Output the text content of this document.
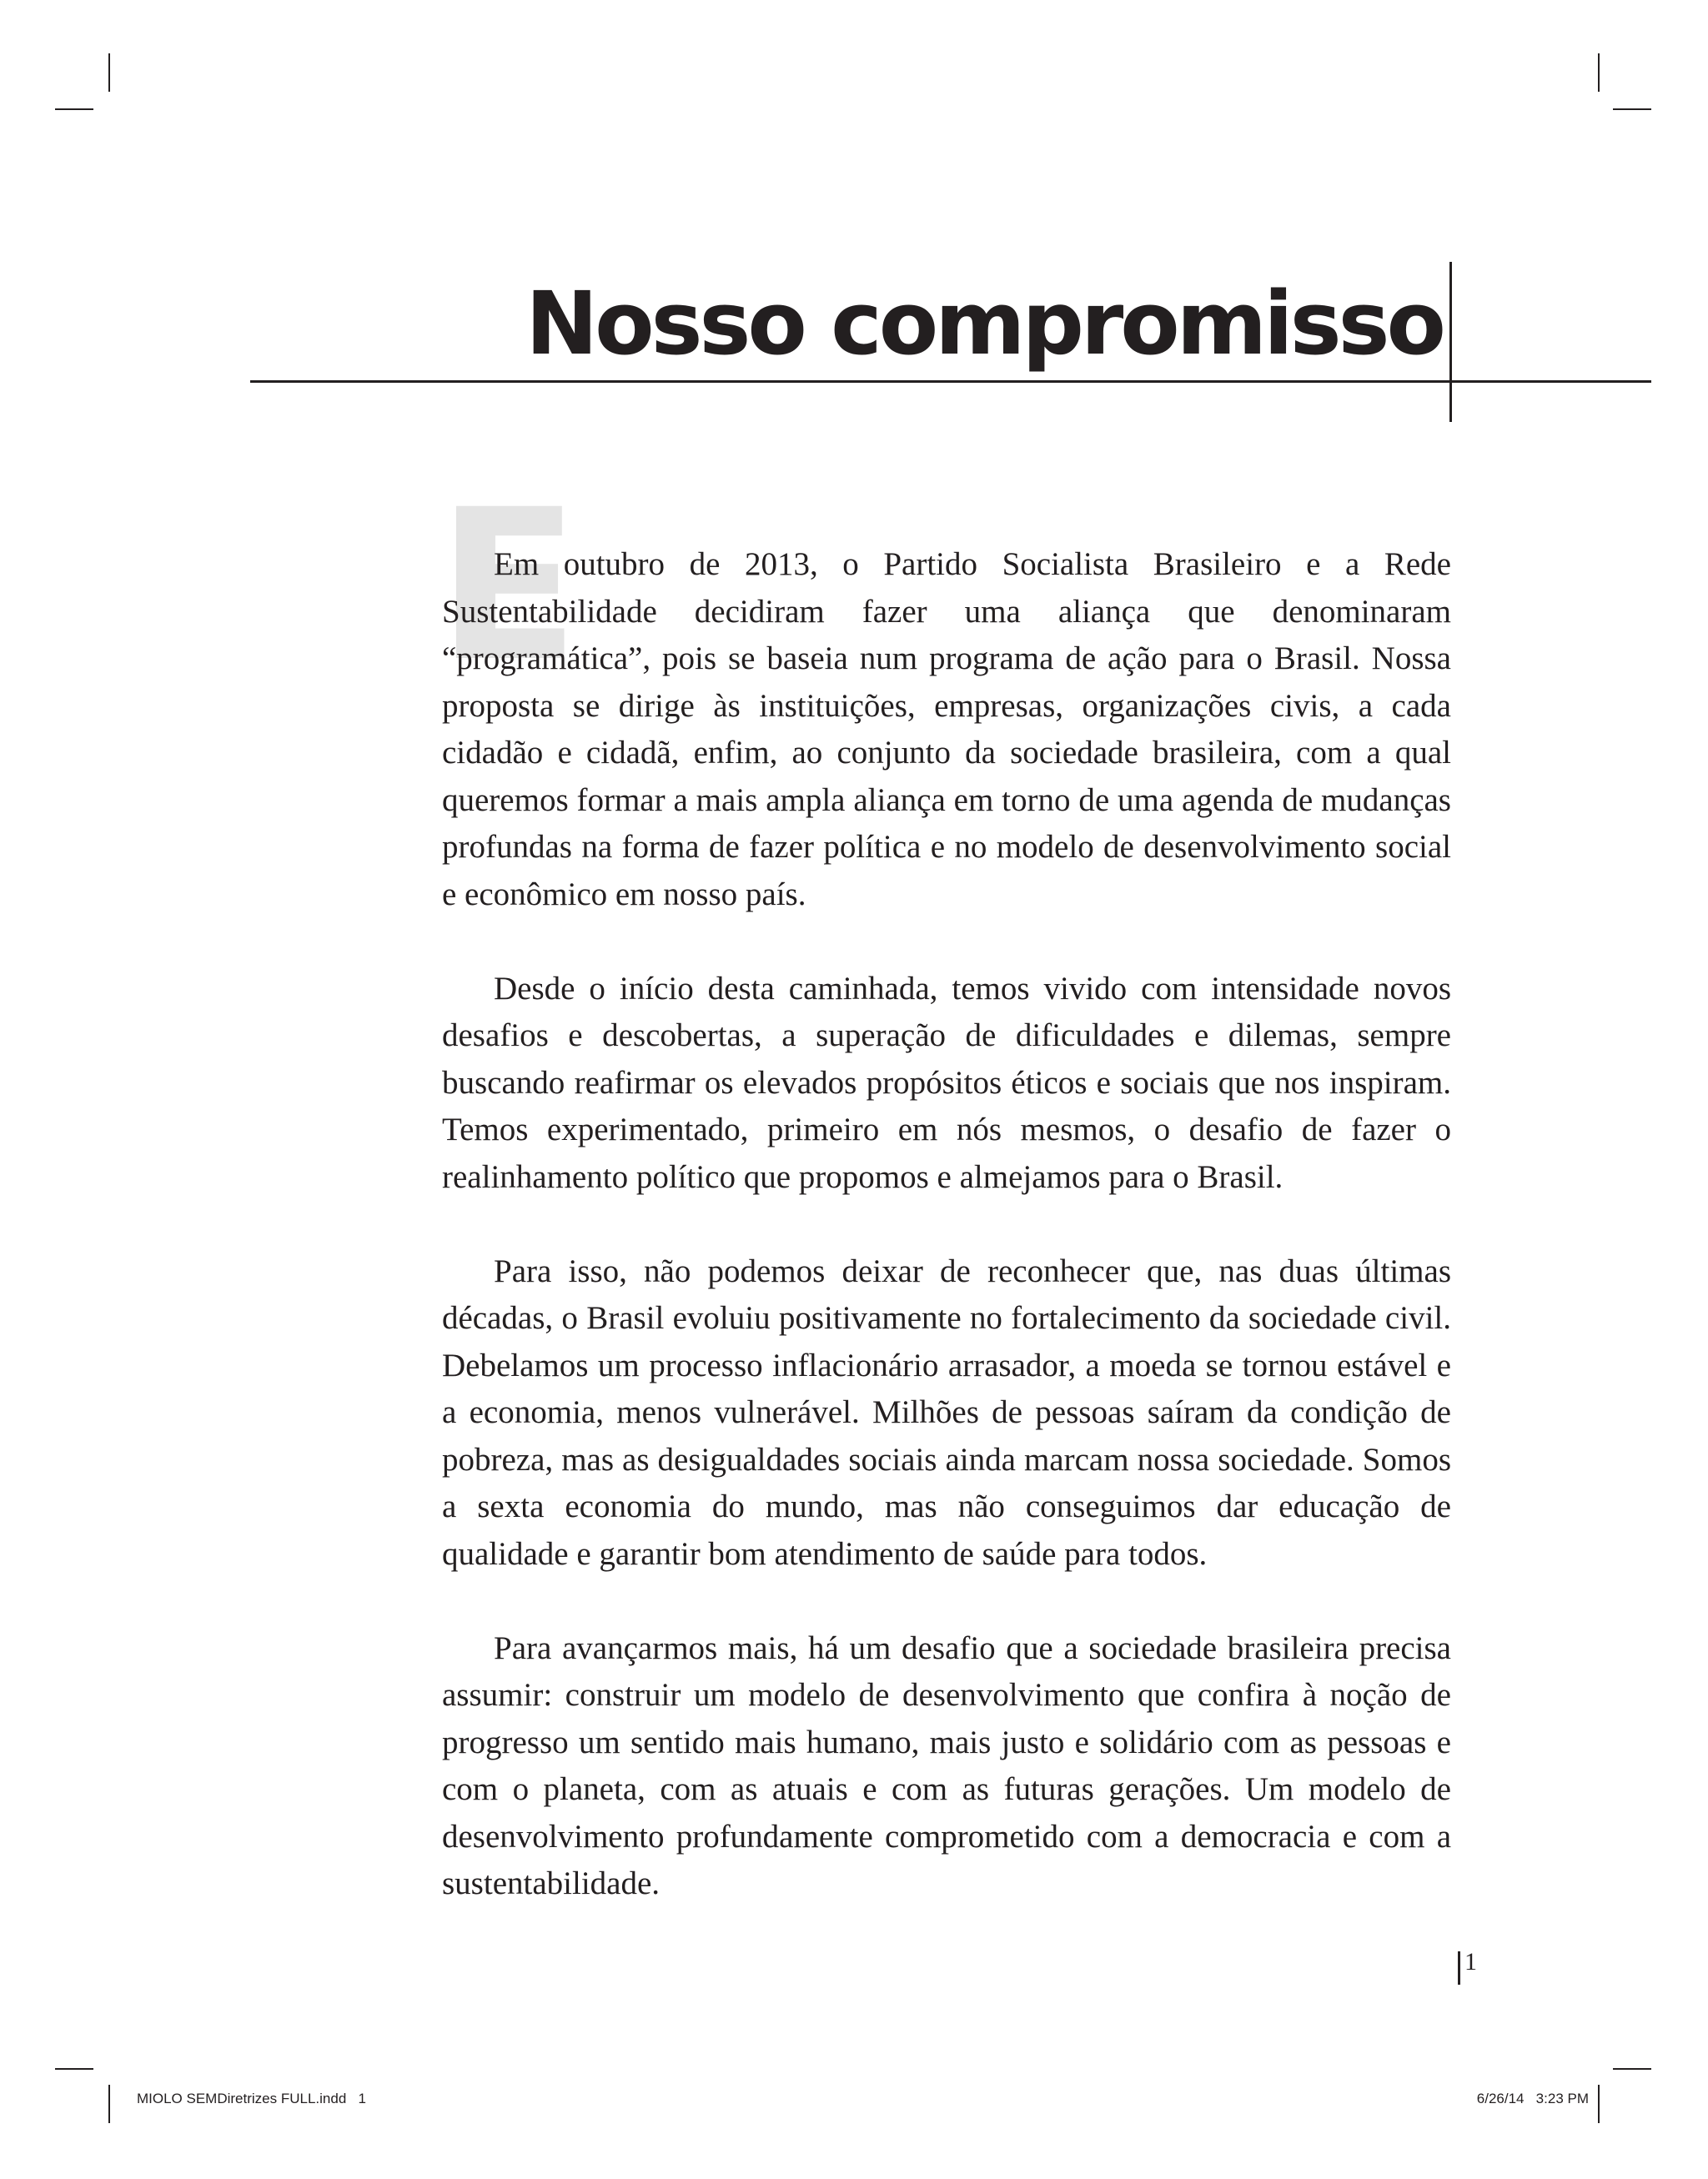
Nosso compromisso
E

Em outubro de 2013, o Partido Socialista Brasileiro e a Rede Sustentabilidade decidiram fazer uma aliança que denominaram “programática”, pois se baseia num programa de ação para o Brasil. Nossa proposta se dirige às instituições, empresas, organizações civis, a cada cidadão e cidadã, enfim, ao conjunto da sociedade brasileira, com a qual queremos formar a mais ampla aliança em torno de uma agenda de mudanças profundas na forma de fazer política e no modelo de desenvolvimento social e econômico em nosso país.

Desde o início desta caminhada, temos vivido com intensidade novos desafios e descobertas, a superação de dificuldades e dilemas, sempre buscando reafirmar os elevados propósitos éticos e sociais que nos inspiram. Temos experimentado, primeiro em nós mesmos, o desafio de fazer o realinhamento político que propomos e almejamos para o Brasil.

Para isso, não podemos deixar de reconhecer que, nas duas últimas décadas, o Brasil evoluiu positivamente no fortalecimento da sociedade civil. Debelamos um processo inflacionário arrasador, a moeda se tornou estável e a economia, menos vulnerável. Milhões de pessoas saíram da condição de pobreza, mas as desigualdades sociais ainda marcam nossa sociedade. Somos a sexta economia do mundo, mas não conseguimos dar educação de qualidade e garantir bom atendimento de saúde para todos.

Para avançarmos mais, há um desafio que a sociedade brasileira precisa assumir: construir um modelo de desenvolvimento que confira à noção de progresso um sentido mais humano, mais justo e solidário com as pessoas e com o planeta, com as atuais e com as futuras gerações. Um modelo de desenvolvimento profundamente comprometido com a democracia e com a sustentabilidade.

1
MIOLO SEMDiretrizes FULL.indd   1	6/26/14   3:23 PM
